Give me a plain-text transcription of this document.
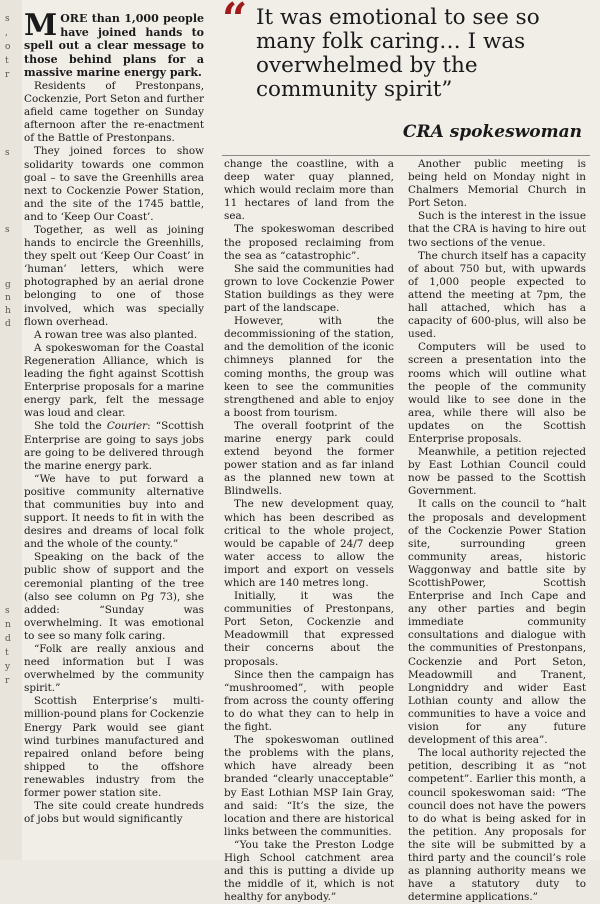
s
,
o
t
r
s
s
g
n
h
d
s
n
d
t
y
r
“ It was emotional to see so many folk caring… I was overwhelmed by the community spirit”
CRA spokeswoman

MORE than 1,000 people have joined hands to spell out a clear message to those behind plans for a massive marine energy park.

Residents of Prestonpans, Cockenzie, Port Seton and further afield came together on Sunday afternoon after the re-enactment of the Battle of Prestonpans.

They joined forces to show solidarity towards one common goal – to save the Greenhills area next to Cockenzie Power Station, and the site of the 1745 battle, and to ‘Keep Our Coast’.

Together, as well as joining hands to encircle the Greenhills, they spelt out ‘Keep Our Coast’ in ‘human’ letters, which were photographed by an aerial drone belonging to one of those involved, which was specially flown overhead.

A rowan tree was also planted.

A spokeswoman for the Coastal Regeneration Alliance, which is leading the fight against Scottish Enterprise proposals for a marine energy park, felt the message was loud and clear.

She told the Courier: “Scottish Enterprise are going to says jobs are going to be delivered through the marine energy park.

“We have to put forward a positive community alternative that communities buy into and support. It needs to fit in with the desires and dreams of local folk and the whole of the county.”

Speaking on the back of the public show of support and the ceremonial planting of the tree (also see column on Pg 73), she added: “Sunday was overwhelming. It was emotional to see so many folk caring.

“Folk are really anxious and need information but I was overwhelmed by the community spirit.”

Scottish Enterprise’s multi-million-pound plans for Cockenzie Energy Park would see giant wind turbines manufactured and repaired onland before being shipped to the offshore renewables industry from the former power station site.

The site could create hundreds of jobs but would significantly

change the coastline, with a deep water quay planned, which would reclaim more than 11 hectares of land from the sea.

The spokeswoman described the proposed reclaiming from the sea as “catastrophic”.

She said the communities had grown to love Cockenzie Power Station buildings as they were part of the landscape.

However, with the decommissioning of the station, and the demolition of the iconic chimneys planned for the coming months, the group was keen to see the communities strengthened and able to enjoy a boost from tourism.

The overall footprint of the marine energy park could extend beyond the former power station and as far inland as the planned new town at Blindwells.

The new development quay, which has been described as critical to the whole project, would be capable of 24/7 deep water access to allow the import and export on vessels which are 140 metres long.

Initially, it was the communities of Prestonpans, Port Seton, Cockenzie and Meadowmill that expressed their concerns about the proposals.

Since then the campaign has “mushroomed”, with people from across the county offering to do what they can to help in the fight.

The spokeswoman outlined the problems with the plans, which have already been branded “clearly unacceptable” by East Lothian MSP Iain Gray, and said: “It’s the size, the location and there are historical links between the communities.

“You take the Preston Lodge High School catchment area and this is putting a divide up the middle of it, which is not healthy for anybody.”

Another public meeting is being held on Monday night in Chalmers Memorial Church in Port Seton.

Such is the interest in the issue that the CRA is having to hire out two sections of the venue.

The church itself has a capacity of about 750 but, with upwards of 1,000 people expected to attend the meeting at 7pm, the hall attached, which has a capacity of 600-plus, will also be used.

Computers will be used to screen a presentation into the rooms which will outline what the people of the community would like to see done in the area, while there will also be updates on the Scottish Enterprise proposals.

Meanwhile, a petition rejected by East Lothian Council could now be passed to the Scottish Government.

It calls on the council to “halt the proposals and development of the Cockenzie Power Station site, surrounding green community areas, historic Waggonway and battle site by ScottishPower, Scottish Enterprise and Inch Cape and any other parties and begin immediate community consultations and dialogue with the communities of Prestonpans, Cockenzie and Port Seton, Meadowmill and Tranent, Longniddry and wider East Lothian county and allow the communities to have a voice and vision for any future development of this area”.

The local authority rejected the petition, describing it as “not competent”. Earlier this month, a council spokeswoman said: “The council does not have the powers to do what is being asked for in the petition. Any proposals for the site will be submitted by a third party and the council’s role as planning authority means we have a statutory duty to determine applications.”
